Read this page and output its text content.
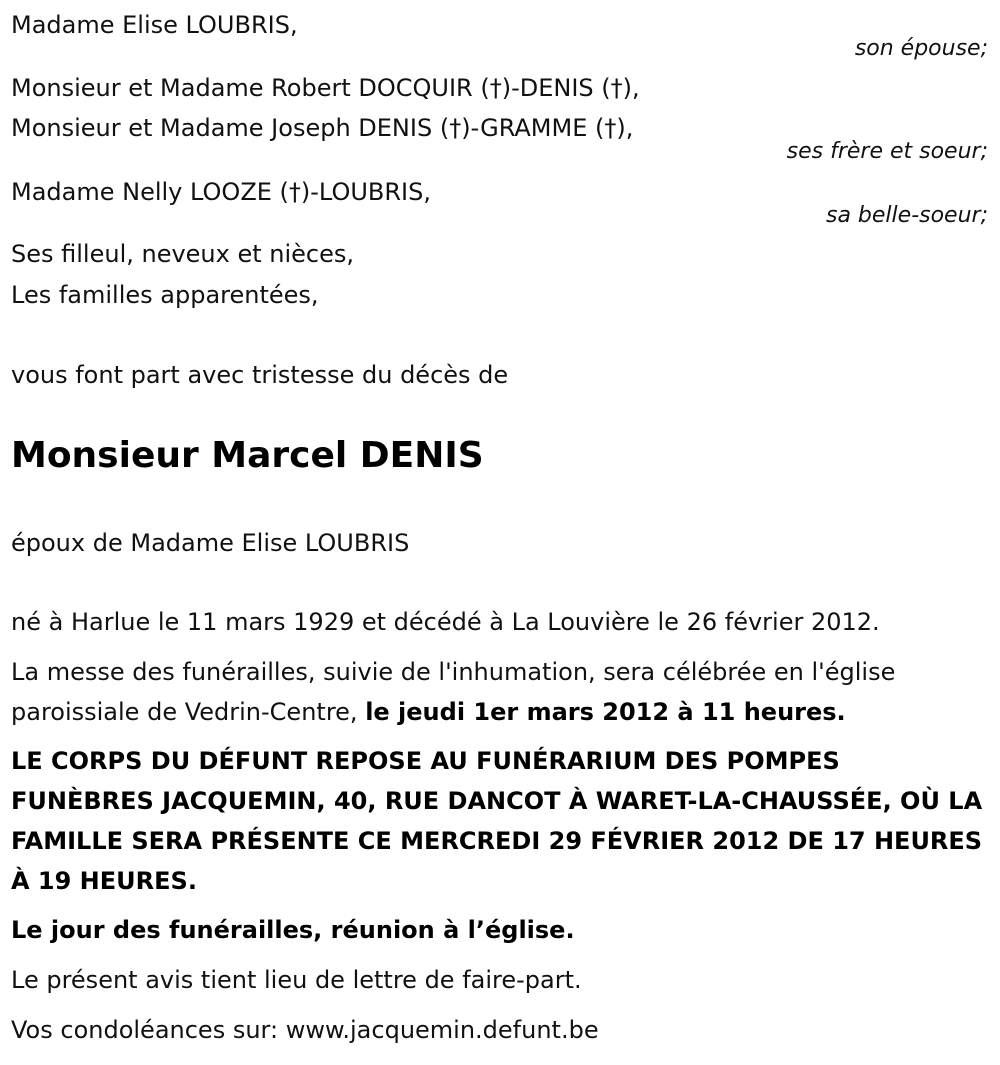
Madame Elise LOUBRIS,
son épouse;
Monsieur et Madame Robert DOCQUIR (†)-DENIS (†),
Monsieur et Madame Joseph DENIS (†)-GRAMME (†),
ses frère et soeur;
Madame Nelly LOOZE (†)-LOUBRIS,
sa belle-soeur;
Ses filleul, neveux et nièces,
Les familles apparentées,
vous font part avec tristesse du décès de
Monsieur Marcel DENIS
époux de Madame Elise LOUBRIS
né à Harlue le 11 mars 1929 et décédé à La Louvière le 26 février 2012.
La messe des funérailles, suivie de l'inhumation, sera célébrée en l'église
paroissiale de Vedrin-Centre, le jeudi 1er mars 2012 à 11 heures.
LE CORPS DU DÉFUNT REPOSE AU FUNÉRARIUM DES POMPES FUNÈBRES JACQUEMIN, 40, RUE DANCOT À WARET-LA-CHAUSSÉE, OÙ LA FAMILLE SERA PRÉSENTE CE MERCREDI 29 FÉVRIER 2012 DE 17 HEURES À 19 HEURES.
Le jour des funérailles, réunion à l’église.
Le présent avis tient lieu de lettre de faire-part.
Vos condoléances sur: www.jacquemin.defunt.be
